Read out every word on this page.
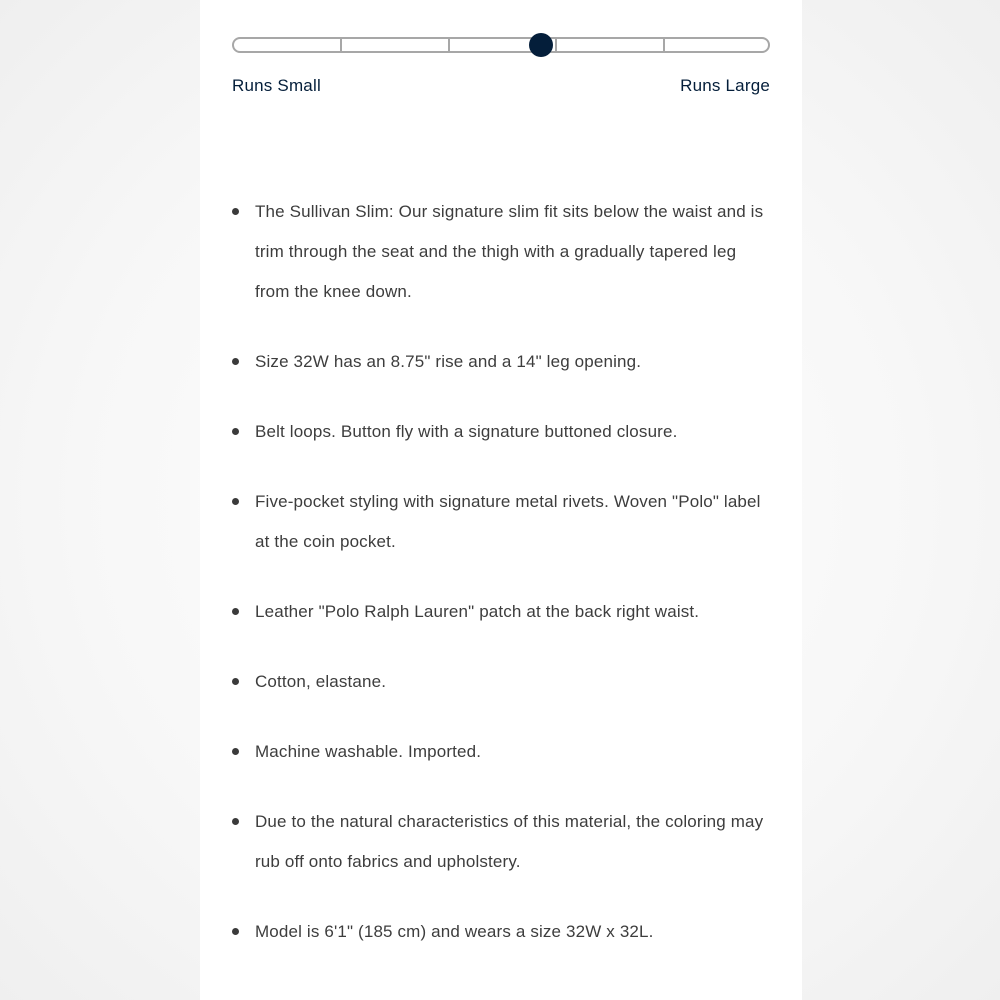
Runs Small	Runs Large
The Sullivan Slim: Our signature slim fit sits below the waist and is trim through the seat and the thigh with a gradually tapered leg from the knee down.
Size 32W has an 8.75" rise and a 14" leg opening.
Belt loops. Button fly with a signature buttoned closure.
Five-pocket styling with signature metal rivets. Woven "Polo" label at the coin pocket.
Leather "Polo Ralph Lauren" patch at the back right waist.
Cotton, elastane.
Machine washable. Imported.
Due to the natural characteristics of this material, the coloring may rub off onto fabrics and upholstery.
Model is 6'1" (185 cm) and wears a size 32W x 32L.
